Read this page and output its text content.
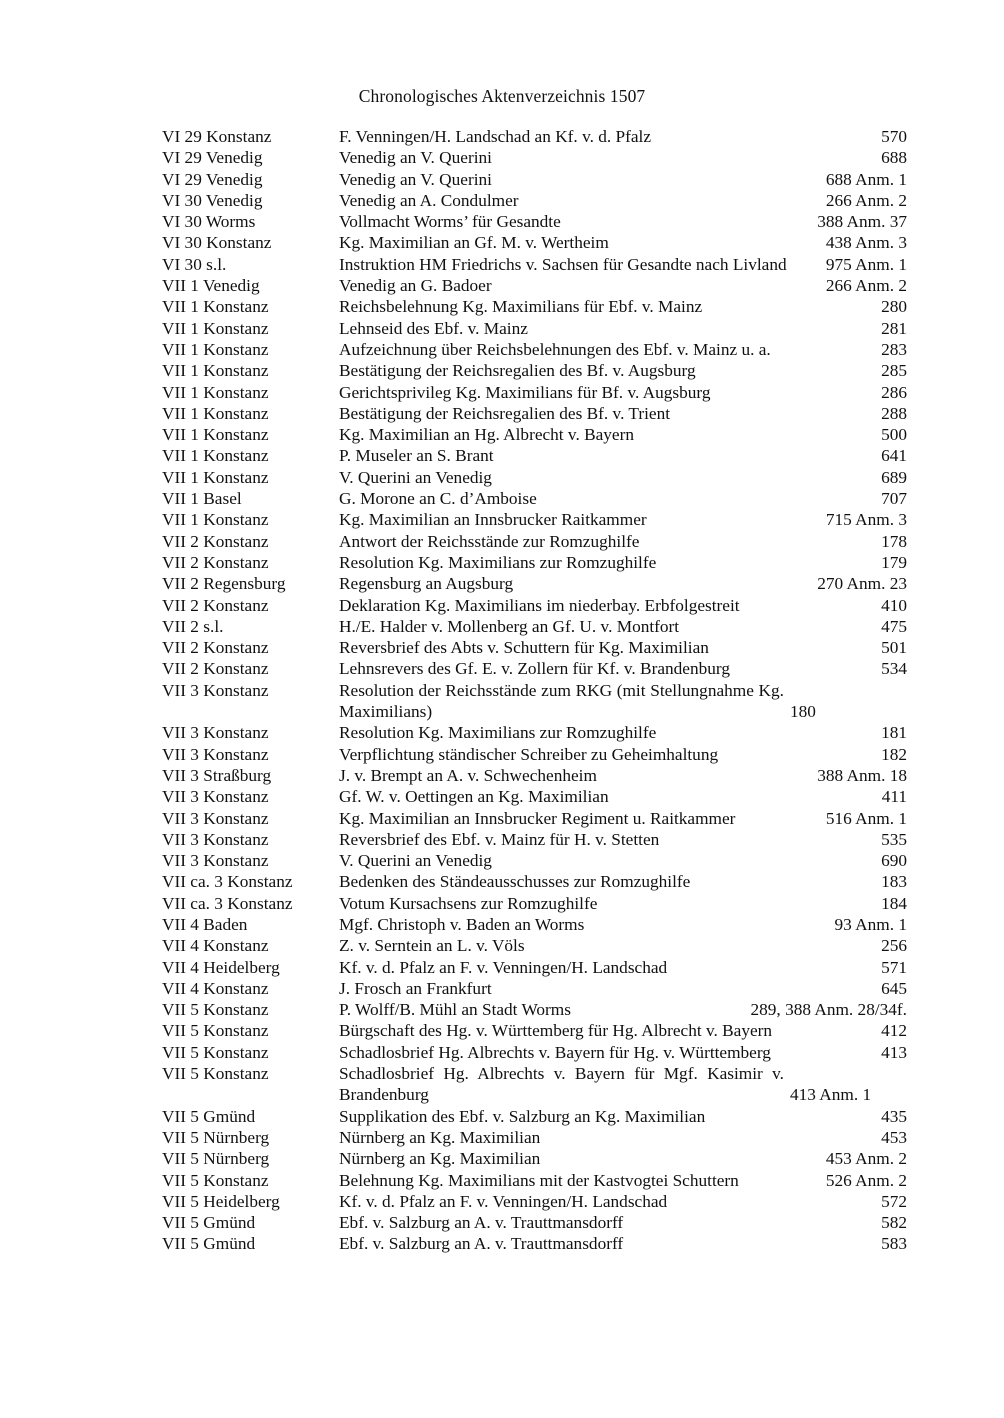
Chronologisches Aktenverzeichnis 1507
VI 29 Konstanz	F. Venningen/H. Landschad an Kf. v. d. Pfalz	570
VI 29 Venedig	Venedig an V. Querini	688
VI 29 Venedig	Venedig an V. Querini	688 Anm. 1
VI 30 Venedig	Venedig an A. Condulmer	266 Anm. 2
VI 30 Worms	Vollmacht Worms’ für Gesandte	388 Anm. 37
VI 30 Konstanz	Kg. Maximilian an Gf. M. v. Wertheim	438 Anm. 3
VI 30 s.l.	Instruktion HM Friedrichs v. Sachsen für Gesandte nach Livland	975 Anm. 1
VII 1 Venedig	Venedig an G. Badoer	266 Anm. 2
VII 1 Konstanz	Reichsbelehnung Kg. Maximilians für Ebf. v. Mainz	280
VII 1 Konstanz	Lehnseid des Ebf. v. Mainz	281
VII 1 Konstanz	Aufzeichnung über Reichsbelehnungen des Ebf. v. Mainz u. a.	283
VII 1 Konstanz	Bestätigung der Reichsregalien des Bf. v. Augsburg	285
VII 1 Konstanz	Gerichtsprivileg Kg. Maximilians für Bf. v. Augsburg	286
VII 1 Konstanz	Bestätigung der Reichsregalien des Bf. v. Trient	288
VII 1 Konstanz	Kg. Maximilian an Hg. Albrecht v. Bayern	500
VII 1 Konstanz	P. Museler an S. Brant	641
VII 1 Konstanz	V. Querini an Venedig	689
VII 1 Basel	G. Morone an C. d’Amboise	707
VII 1 Konstanz	Kg. Maximilian an Innsbrucker Raitkammer	715 Anm. 3
VII 2 Konstanz	Antwort der Reichsstände zur Romzughilfe	178
VII 2 Konstanz	Resolution Kg. Maximilians zur Romzughilfe	179
VII 2 Regensburg	Regensburg an Augsburg	270 Anm. 23
VII 2 Konstanz	Deklaration Kg. Maximilians im niederbay. Erbfolgestreit	410
VII 2 s.l.	H./E. Halder v. Mollenberg an Gf. U. v. Montfort	475
VII 2 Konstanz	Reversbrief des Abts v. Schuttern für Kg. Maximilian	501
VII 2 Konstanz	Lehnsrevers des Gf. E. v. Zollern für Kf. v. Brandenburg	534
VII 3 Konstanz	Resolution der Reichsstände zum RKG (mit Stellungnahme Kg. Maximilians)	180
VII 3 Konstanz	Resolution Kg. Maximilians zur Romzughilfe	181
VII 3 Konstanz	Verpflichtung ständischer Schreiber zu Geheimhaltung	182
VII 3 Straßburg	J. v. Brempt an A. v. Schwechenheim	388 Anm. 18
VII 3 Konstanz	Gf. W. v. Oettingen an Kg. Maximilian	411
VII 3 Konstanz	Kg. Maximilian an Innsbrucker Regiment u. Raitkammer	516 Anm. 1
VII 3 Konstanz	Reversbrief des Ebf. v. Mainz für H. v. Stetten	535
VII 3 Konstanz	V. Querini an Venedig	690
VII ca. 3 Konstanz	Bedenken des Ständeausschusses zur Romzughilfe	183
VII ca. 3 Konstanz	Votum Kursachsens zur Romzughilfe	184
VII 4 Baden	Mgf. Christoph v. Baden an Worms	93 Anm. 1
VII 4 Konstanz	Z. v. Serntein an L. v. Völs	256
VII 4 Heidelberg	Kf. v. d. Pfalz an F. v. Venningen/H. Landschad	571
VII 4 Konstanz	J. Frosch an Frankfurt	645
VII 5 Konstanz	P. Wolff/B. Mühl an Stadt Worms	289, 388 Anm. 28/34f.
VII 5 Konstanz	Bürgschaft des Hg. v. Württemberg für Hg. Albrecht v. Bayern	412
VII 5 Konstanz	Schadlosbrief Hg. Albrechts v. Bayern für Hg. v. Württemberg	413
VII 5 Konstanz	Schadlosbrief Hg. Albrechts v. Bayern für Mgf. Kasimir v. Brandenburg	413 Anm. 1
VII 5 Gmünd	Supplikation des Ebf. v. Salzburg an Kg. Maximilian	435
VII 5 Nürnberg	Nürnberg an Kg. Maximilian	453
VII 5 Nürnberg	Nürnberg an Kg. Maximilian	453 Anm. 2
VII 5 Konstanz	Belehnung Kg. Maximilians mit der Kastvogtei Schuttern	526 Anm. 2
VII 5 Heidelberg	Kf. v. d. Pfalz an F. v. Venningen/H. Landschad	572
VII 5 Gmünd	Ebf. v. Salzburg an A. v. Trauttmansdorff	582
VII 5 Gmünd	Ebf. v. Salzburg an A. v. Trauttmansdorff	583
